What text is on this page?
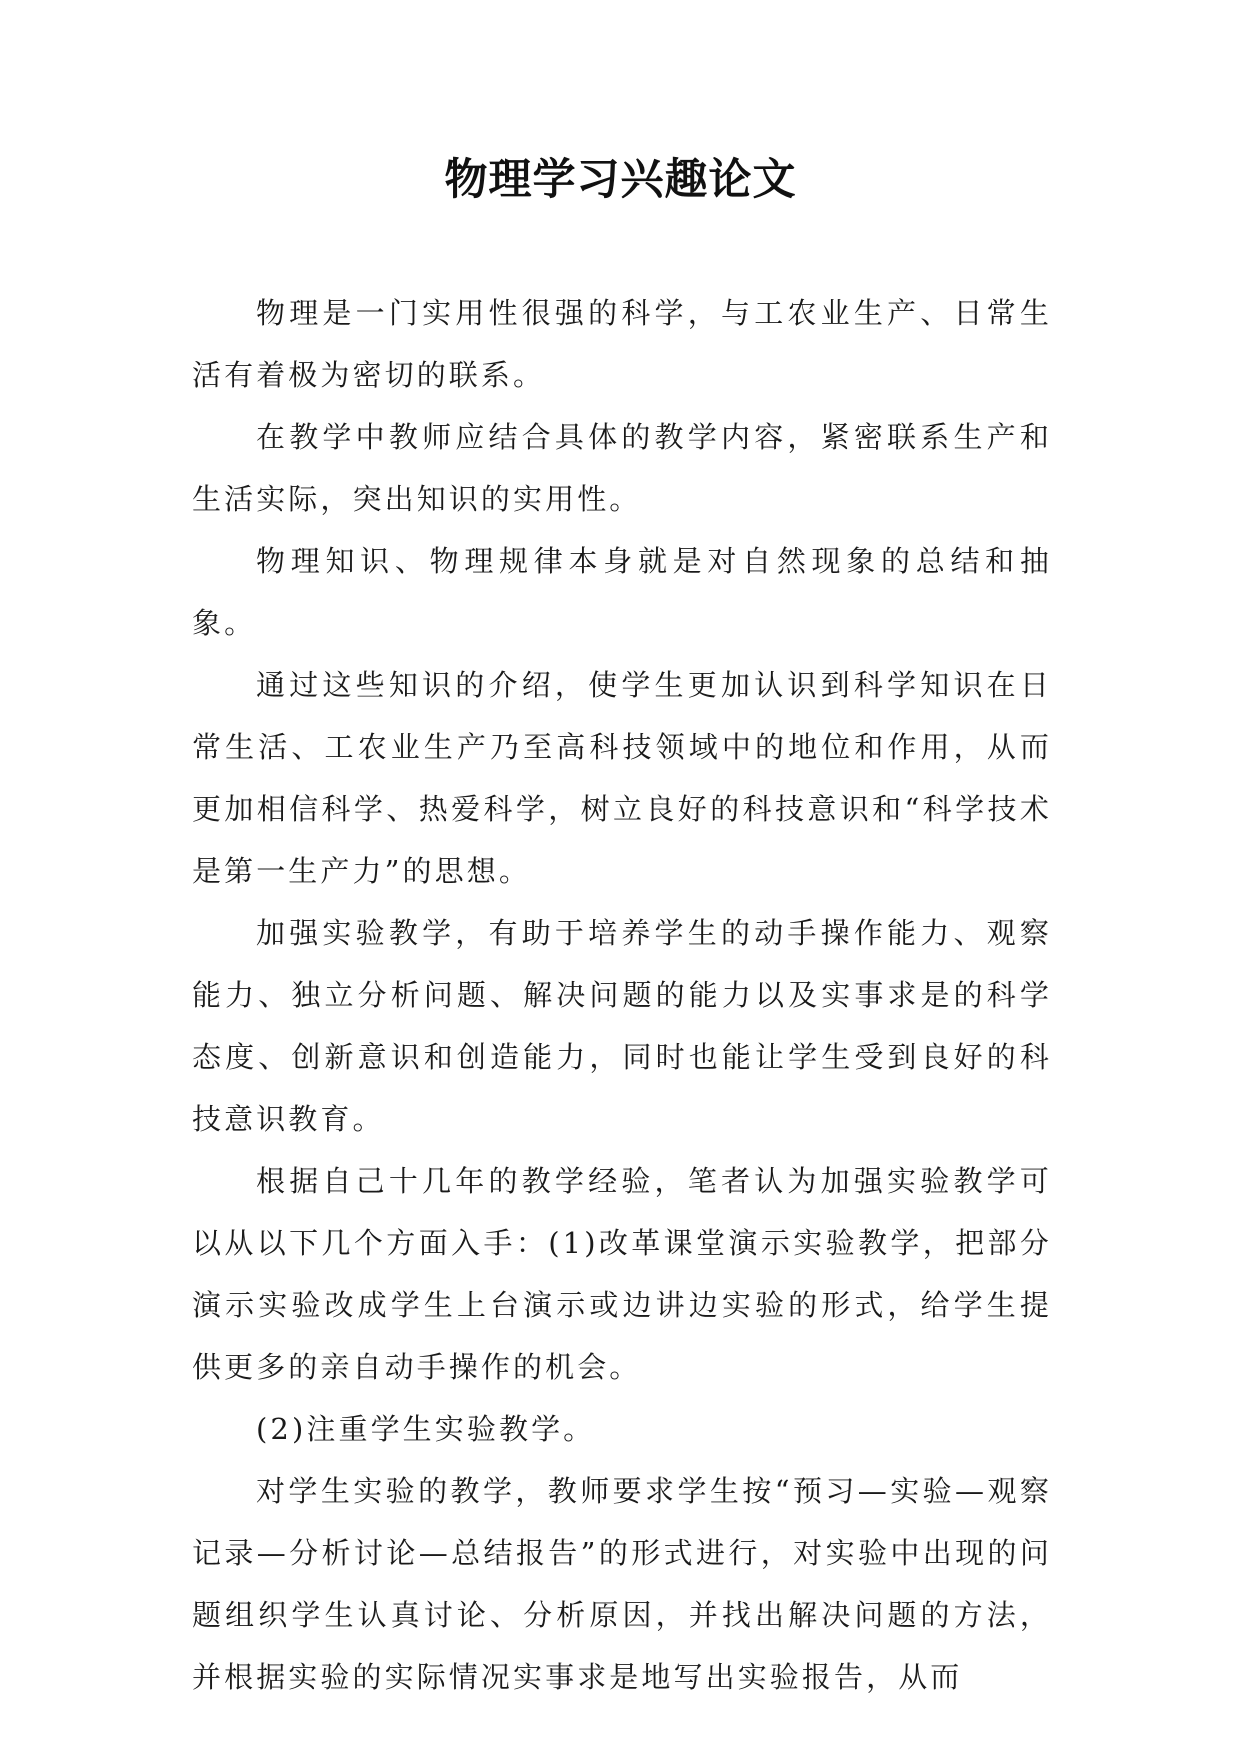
物理学习兴趣论文

物理是一门实用性很强的科学，与工农业生产、日常生活有着极为密切的联系。

在教学中教师应结合具体的教学内容，紧密联系生产和生活实际，突出知识的实用性。

物理知识、物理规律本身就是对自然现象的总结和抽象。

通过这些知识的介绍，使学生更加认识到科学知识在日常生活、工农业生产乃至高科技领域中的地位和作用，从而更加相信科学、热爱科学，树立良好的科技意识和“科学技术是第一生产力”的思想。

加强实验教学，有助于培养学生的动手操作能力、观察能力、独立分析问题、解决问题的能力以及实事求是的科学态度、创新意识和创造能力，同时也能让学生受到良好的科技意识教育。

根据自己十几年的教学经验，笔者认为加强实验教学可以从以下几个方面入手：(1)改革课堂演示实验教学，把部分演示实验改成学生上台演示或边讲边实验的形式，给学生提供更多的亲自动手操作的机会。

(2)注重学生实验教学。

对学生实验的教学，教师要求学生按“预习—实验—观察记录—分析讨论—总结报告”的形式进行，对实验中出现的问题组织学生认真讨论、分析原因，并找出解决问题的方法，并根据实验的实际情况实事求是地写出实验报告，从而
